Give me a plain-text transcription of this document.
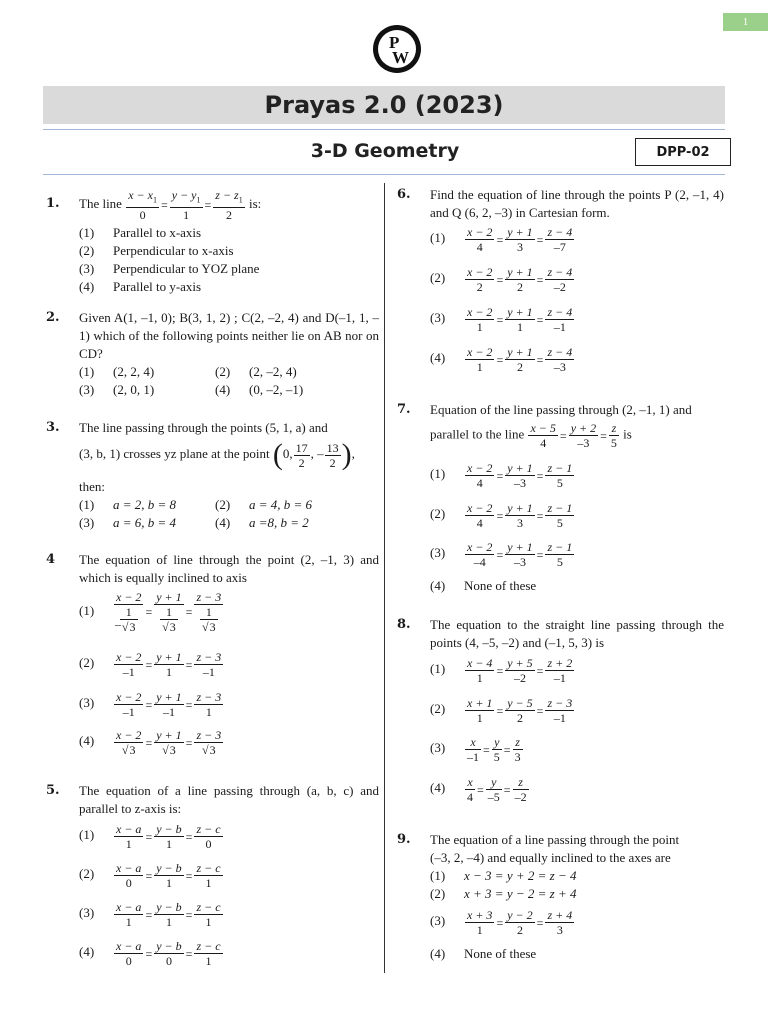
1
P
W
Prayas 2.0 (2023)
3-D Geometry	DPP-02
1. The line $\frac{x - x_1}{0} = \frac{y - y_1}{1} = \frac{z - z_1}{2}$ is:
(1) Parallel to x-axis
(2) Perpendicular to x-axis
(3) Perpendicular to YOZ plane
(4) Parallel to y-axis
2. Given A(1, –1, 0); B(3, 1, 2) ; C(2, –2, 4) and D(–1, 1, –1) which of the following points neither lie on AB nor on CD?
(1) (2, 2, 4)	(2) (2, –2, 4)
(3) (2, 0, 1)	(4) (0, –2, –1)
3. The line passing through the points (5, 1, a) and
(3, b, 1) crosses yz plane at the point (0, $\frac{17}{2}$ , – $\frac{13}{2}$ ),
then:
(1) a = 2, b = 8	(2) a = 4, b = 6
(3) a = 6, b = 4	(4) a =8, b = 2
4 The equation of line through the point (2, –1, 3) and which is equally inclined to axis
$(1) \frac{x - 2}{\frac{1}{√3}} = \frac{y + 1}{\frac{1}{√3}} = \frac{z - 3}{\frac{1}{√3}}$
–
$(2) \frac{x - 2}{-1} = \frac{y + 1}{1} = \frac{z - 3}{-1}$
$(3) \frac{x - 2}{-1} = \frac{y + 1}{-1} = \frac{z - 3}{1}$
$(4) \frac{x - 2}{√3} = \frac{y + 1}{√3} = \frac{z - 3}{√3}$
5. The equation of a line passing through (a, b, c) and parallel to z-axis is:
$(1) \frac{x - a}{1} = \frac{y - b}{1} = \frac{z - c}{0}$
$(2) \frac{x - a}{0} = \frac{y - b}{1} = \frac{z - c}{1}$
$(3) \frac{x - a}{1} = \frac{y - b}{1} = \frac{z - c}{1}$
$(4) \frac{x - a}{0} = \frac{y - b}{0} = \frac{z - c}{1}$
6. Find the equation of line through the points P (2, –1, 4) and Q (6, 2, –3) in Cartesian form.
$(1) \frac{x - 2}{4} = \frac{y + 1}{3} = \frac{z - 4}{-7}$
$(2) \frac{x - 2}{2} = \frac{y + 1}{2} = \frac{z - 4}{-2}$
$(3) \frac{x - 2}{1} = \frac{y + 1}{1} = \frac{z - 4}{-1}$
$(4) \frac{x - 2}{1} = \frac{y + 1}{2} = \frac{z - 4}{-3}$
7. Equation of the line passing through (2, –1, 1) and
parallel to the line $\frac{x - 5}{4} = \frac{y + 2}{-3} = \frac{z}{5}$ is
$(1) \frac{x - 2}{4} = \frac{y + 1}{-3} = \frac{z - 1}{5}$
$(2) \frac{x - 2}{4} = \frac{y + 1}{3} = \frac{z - 1}{5}$
$(3) \frac{x - 2}{-4} = \frac{y + 1}{-3} = \frac{z - 1}{5}$
(4) None of these
8. The equation to the straight line passing through the points (4, –5, –2) and (–1, 5, 3) is
$(1) \frac{x - 4}{1} = \frac{y + 5}{-2} = \frac{z + 2}{-1}$
$(2) \frac{x + 1}{1} = \frac{y - 5}{2} = \frac{z - 3}{-1}$
$(3) \frac{x}{-1} = \frac{y}{5} = \frac{z}{3}$
$(4) \frac{x}{4} = \frac{y}{-5} = \frac{z}{-2}$
9. The equation of a line passing through the point
(–3, 2, –4) and equally inclined to the axes are
(1) x − 3 = y + 2 = z − 4
(2) x + 3 = y − 2 = z + 4
$(3) \frac{x + 3}{1} = \frac{y - 2}{2} = \frac{z + 4}{3}$
(4) None of these
